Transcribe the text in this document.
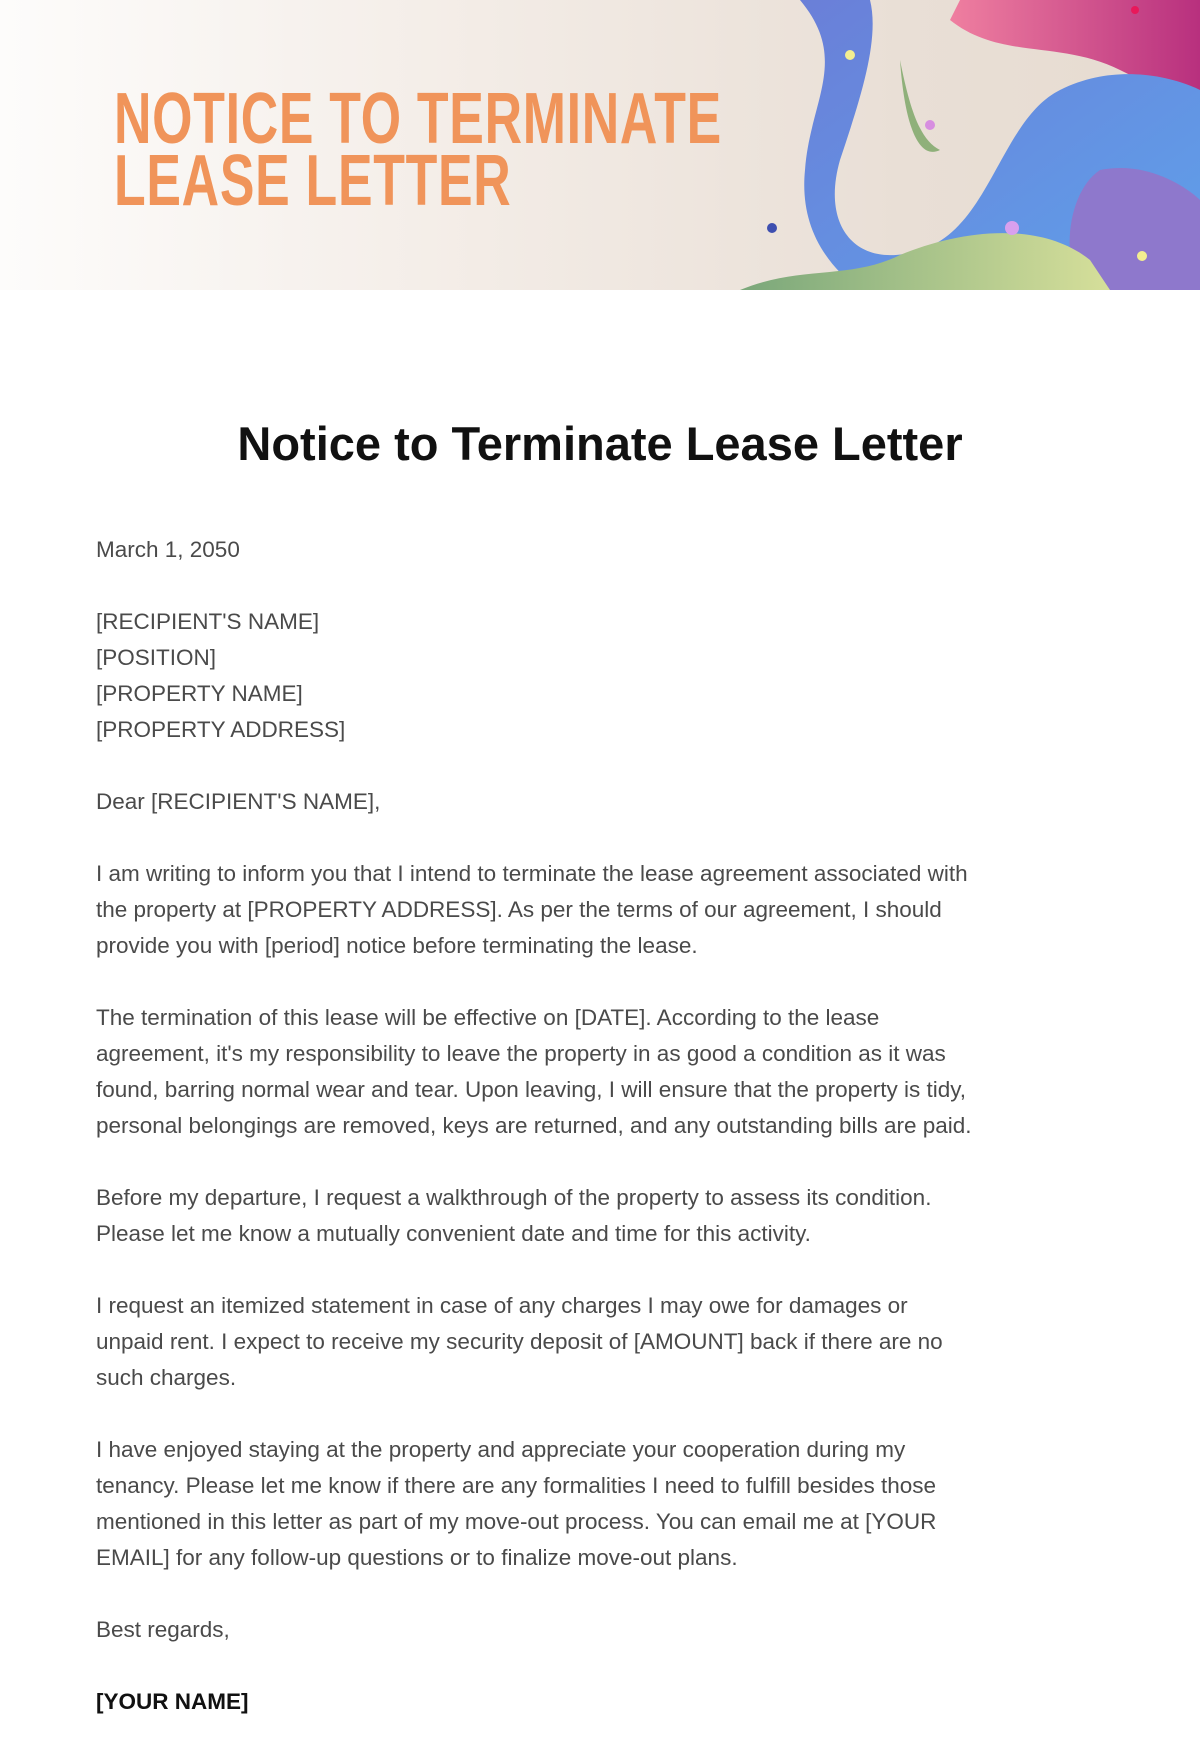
NOTICE TO TERMINATE
LEASE LETTER
Notice to Terminate Lease Letter

March 1, 2050

[RECIPIENT'S NAME]
[POSITION]
[PROPERTY NAME]
[PROPERTY ADDRESS]

Dear [RECIPIENT'S NAME],

I am writing to inform you that I intend to terminate the lease agreement associated with
the property at [PROPERTY ADDRESS]. As per the terms of our agreement, I should
provide you with [period] notice before terminating the lease.

The termination of this lease will be effective on [DATE]. According to the lease
agreement, it's my responsibility to leave the property in as good a condition as it was
found, barring normal wear and tear. Upon leaving, I will ensure that the property is tidy,
personal belongings are removed, keys are returned, and any outstanding bills are paid.

Before my departure, I request a walkthrough of the property to assess its condition.
Please let me know a mutually convenient date and time for this activity.

I request an itemized statement in case of any charges I may owe for damages or
unpaid rent. I expect to receive my security deposit of [AMOUNT] back if there are no
such charges.

I have enjoyed staying at the property and appreciate your cooperation during my
tenancy. Please let me know if there are any formalities I need to fulfill besides those
mentioned in this letter as part of my move-out process. You can email me at [YOUR
EMAIL] for any follow-up questions or to finalize move-out plans.

Best regards,

[YOUR NAME]
